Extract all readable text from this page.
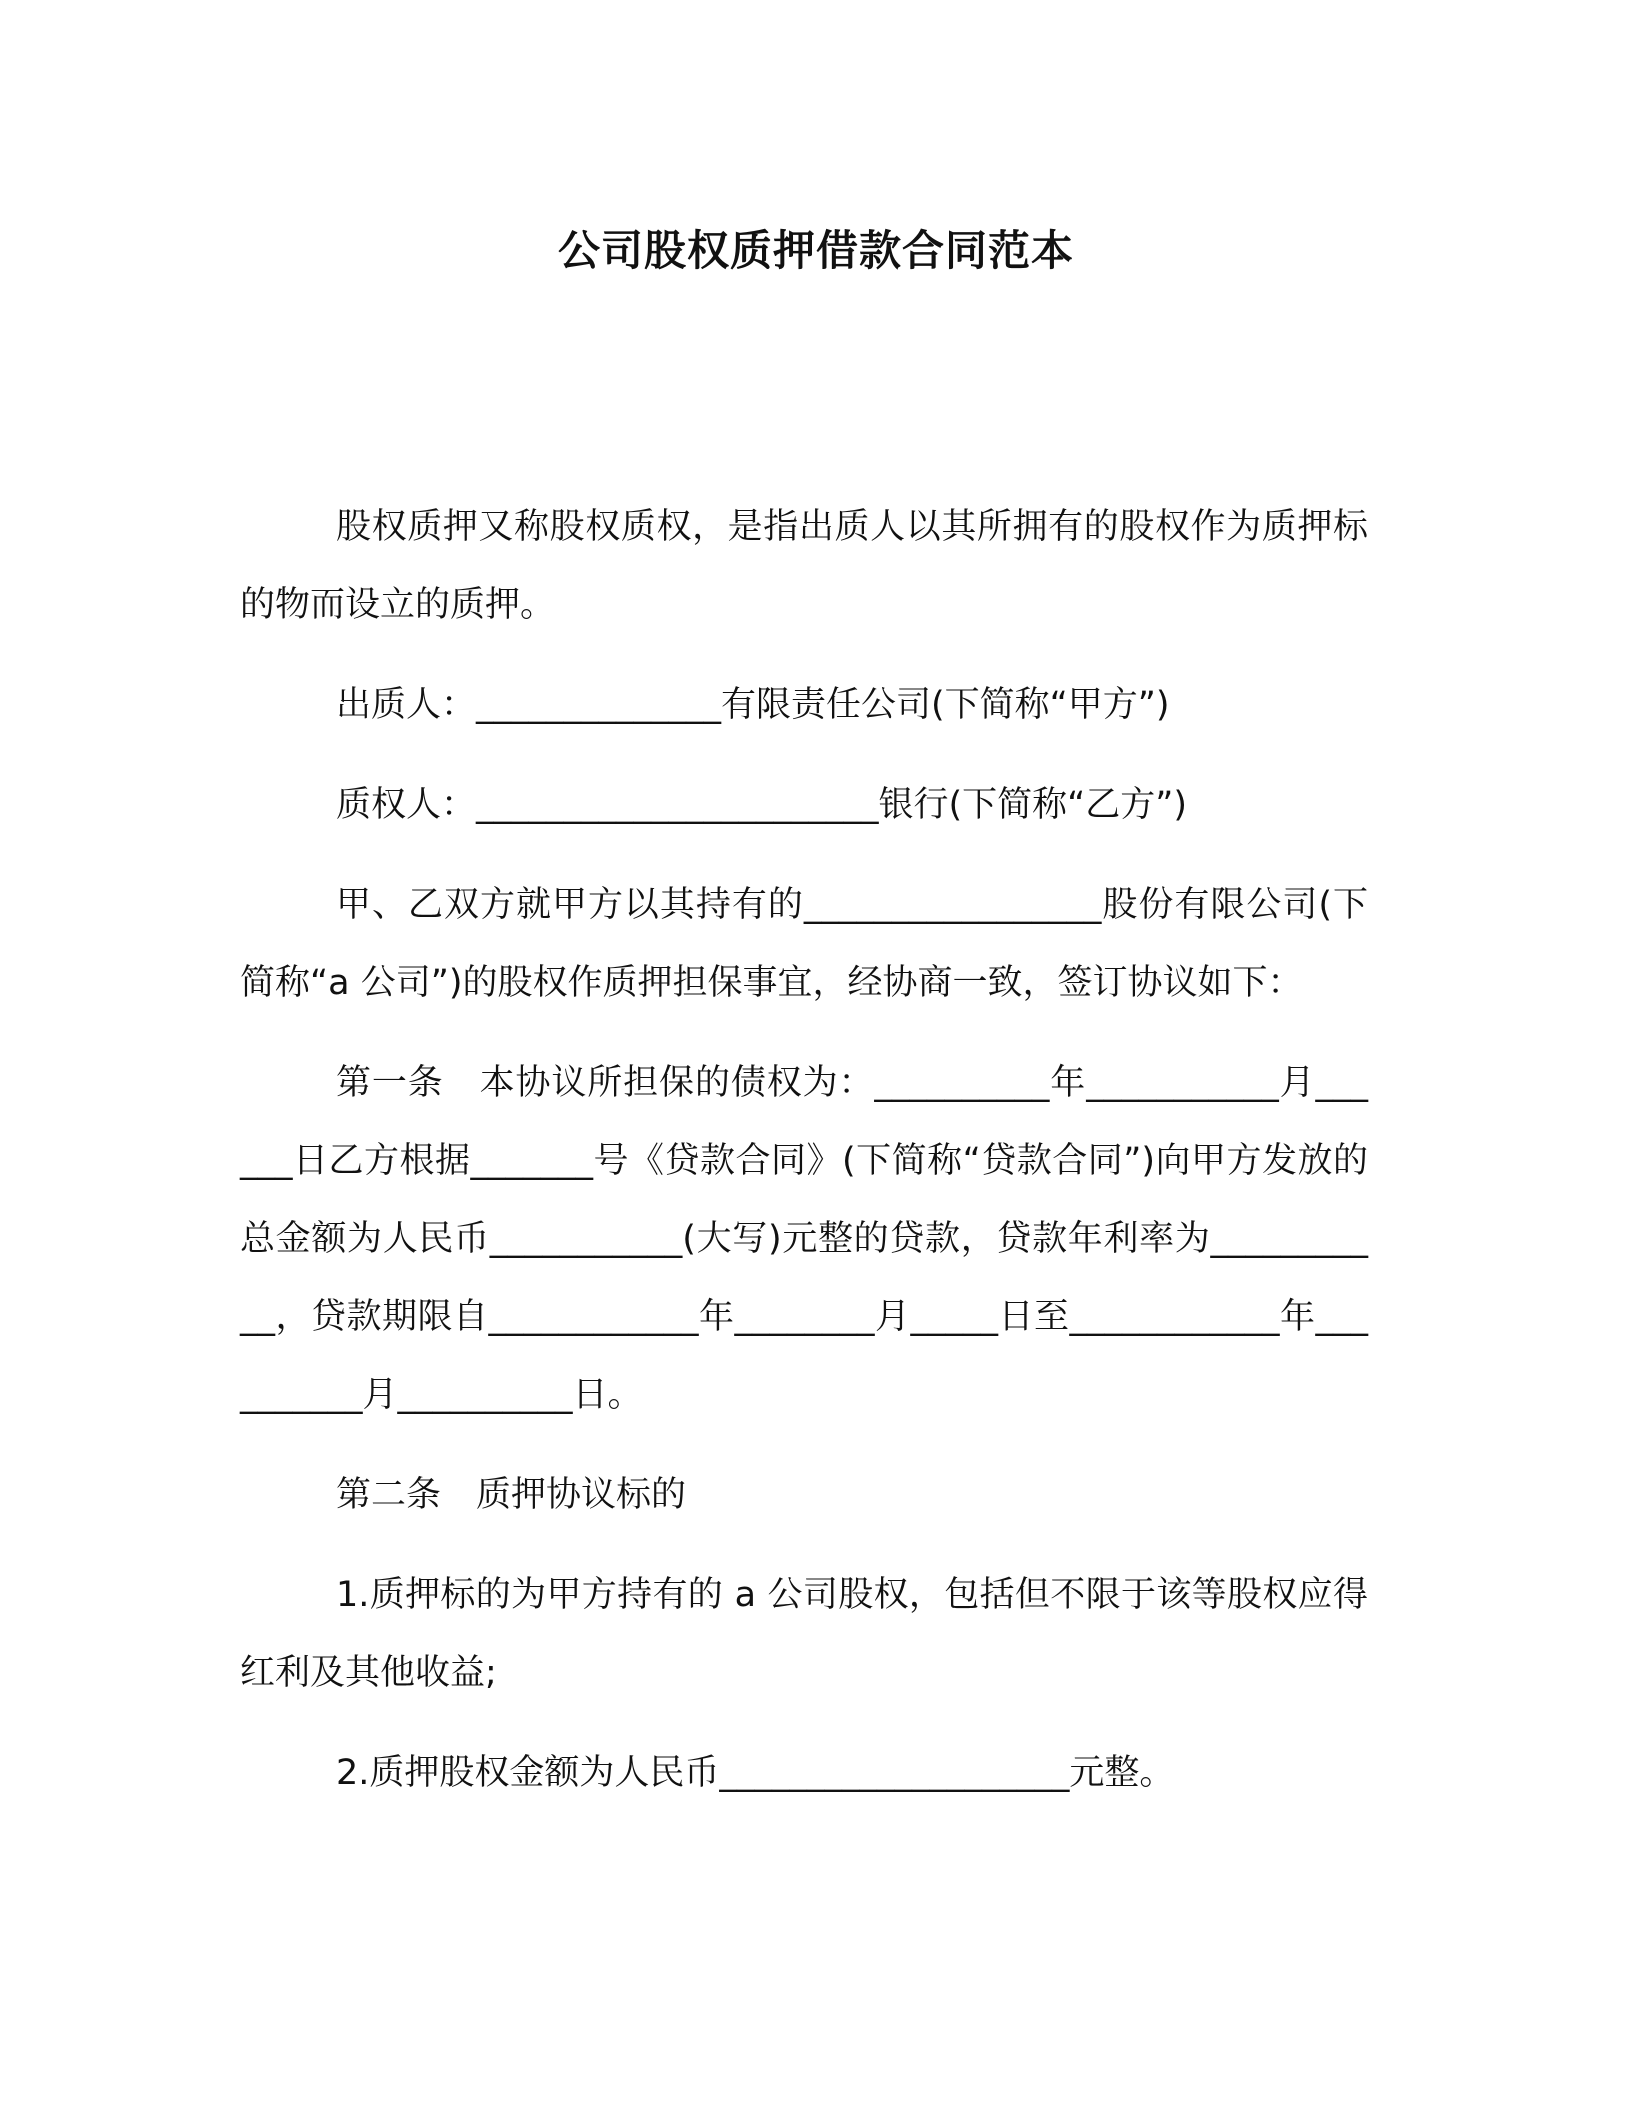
公司股权质押借款合同范本

股权质押又称股权质权，是指出质人以其所拥有的股权作为质押标的物而设立的质押。

出质人：______________有限责任公司(下简称“甲方”)

质权人：_______________________银行(下简称“乙方”)

甲、乙双方就甲方以其持有的_________________股份有限公司(下简称“a 公司”)的股权作质押担保事宜，经协商一致，签订协议如下：

第一条　本协议所担保的债权为：__________年___________月______日乙方根据_______号《贷款合同》(下简称“贷款合同”)向甲方发放的总金额为人民币___________(大写)元整的贷款，贷款年利率为___________，贷款期限自____________年________月_____日至____________年__________月__________日。

第二条　质押协议标的

1.质押标的为甲方持有的 a 公司股权，包括但不限于该等股权应得红利及其他收益;

2.质押股权金额为人民币____________________元整。
